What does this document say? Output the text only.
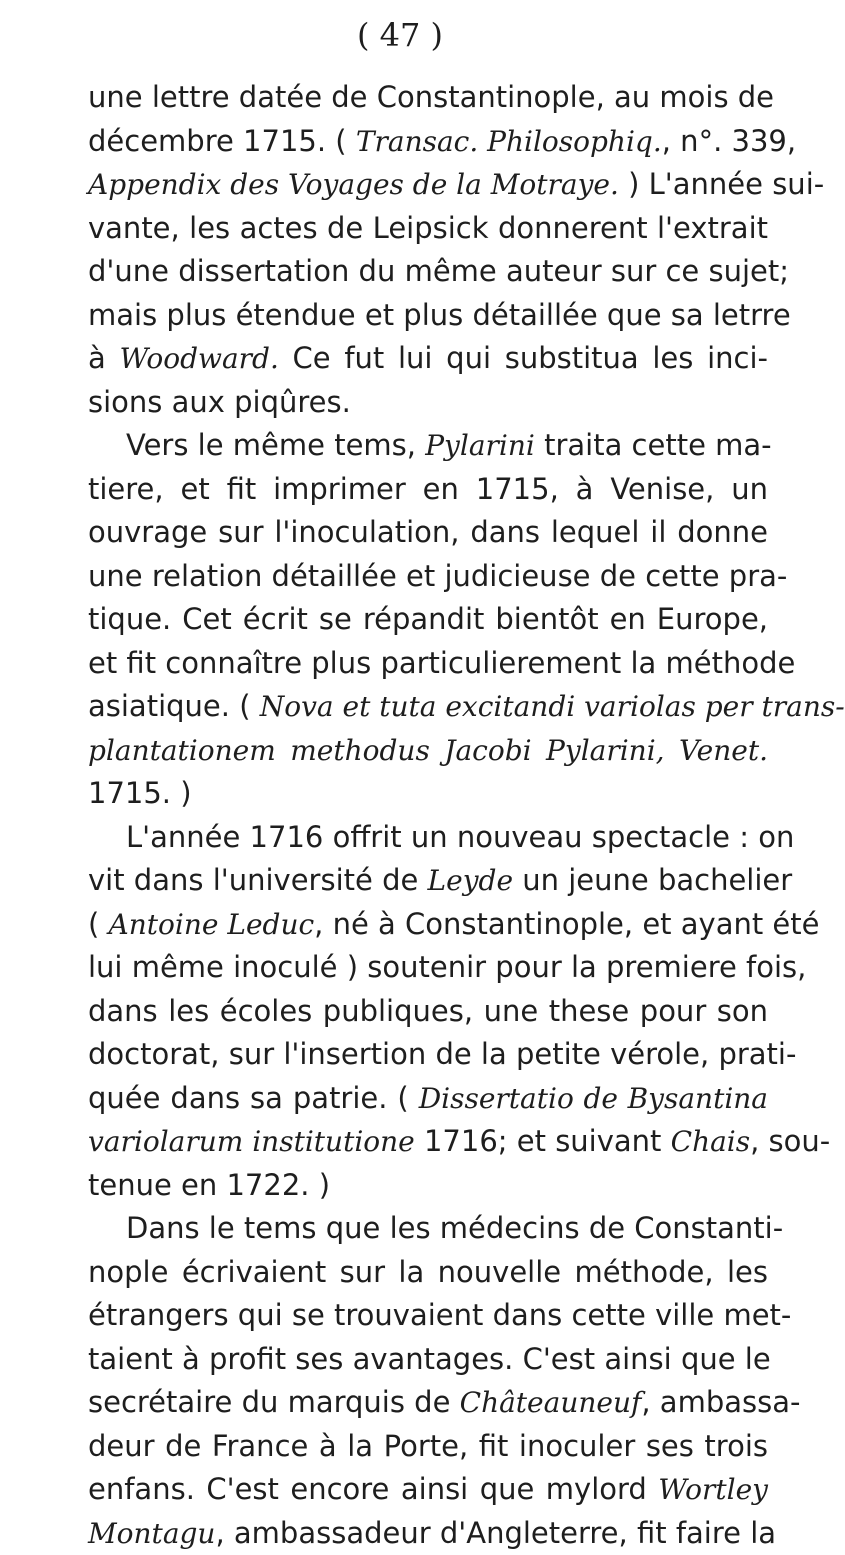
( 47 )
une lettre datée de Constantinople, au mois de
décembre 1715. ( Transac. Philosophiq., n°. 339,
Appendix des Voyages de la Motraye. ) L'année sui-
vante, les actes de Leipsick donnerent l'extrait
d'une dissertation du même auteur sur ce sujet;
mais plus étendue et plus détaillée que sa letrre
à Woodward. Ce fut lui qui substitua les inci-
sions aux piqûres.
Vers le même tems, Pylarini traita cette ma-
tiere, et fit imprimer en 1715, à Venise, un
ouvrage sur l'inoculation, dans lequel il donne
une relation détaillée et judicieuse de cette pra-
tique. Cet écrit se répandit bientôt en Europe,
et fit connaître plus particulierement la méthode
asiatique. ( Nova et tuta excitandi variolas per trans-
plantationem methodus Jacobi Pylarini, Venet.
1715. )
L'année 1716 offrit un nouveau spectacle : on
vit dans l'université de Leyde un jeune bachelier
( Antoine Leduc, né à Constantinople, et ayant été
lui même inoculé ) soutenir pour la premiere fois,
dans les écoles publiques, une these pour son
doctorat, sur l'insertion de la petite vérole, prati-
quée dans sa patrie. ( Dissertatio de Bysantina
variolarum institutione 1716; et suivant Chais, sou-
tenue en 1722. )
Dans le tems que les médecins de Constanti-
nople écrivaient sur la nouvelle méthode, les
étrangers qui se trouvaient dans cette ville met-
taient à profit ses avantages. C'est ainsi que le
secrétaire du marquis de Châteauneuf, ambassa-
deur de France à la Porte, fit inoculer ses trois
enfans. C'est encore ainsi que mylord Wortley
Montagu, ambassadeur d'Angleterre, fit faire la
